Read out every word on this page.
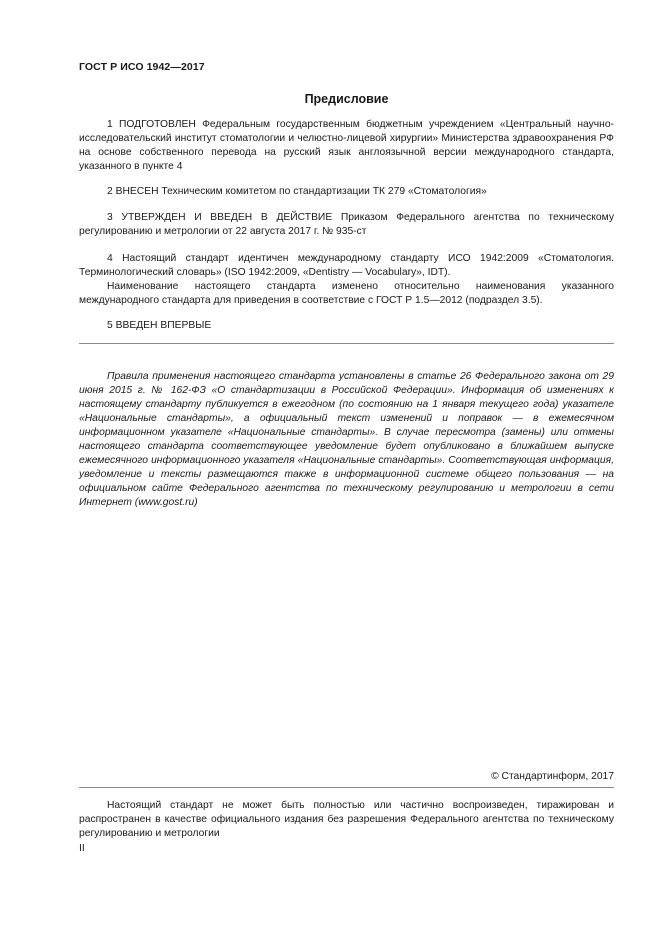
ГОСТ Р ИСО 1942—2017
Предисловие

1 ПОДГОТОВЛЕН Федеральным государственным бюджетным учреждением «Центральный научно-исследовательский институт стоматологии и челюстно-лицевой хирургии» Министерства здравоохранения РФ на основе собственного перевода на русский язык англоязычной версии международного стандарта, указанного в пункте 4

2 ВНЕСЕН Техническим комитетом по стандартизации ТК 279 «Стоматология»

3 УТВЕРЖДЕН И ВВЕДЕН В ДЕЙСТВИЕ Приказом Федерального агентства по техническому регулированию и метрологии от 22 августа 2017 г. № 935-ст

4 Настоящий стандарт идентичен международному стандарту ИСО 1942:2009 «Стоматология. Терминологический словарь» (ISO 1942:2009, «Dentistry — Vocabulary», IDT).

Наименование настоящего стандарта изменено относительно наименования указанного международного стандарта для приведения в соответствие с ГОСТ Р 1.5—2012 (подраздел 3.5).

5 ВВЕДЕН ВПЕРВЫЕ

Правила применения настоящего стандарта установлены в статье 26 Федерального закона от 29 июня 2015 г. № 162-ФЗ «О стандартизации в Российской Федерации». Информация об изменениях к настоящему стандарту публикуется в ежегодном (по состоянию на 1 января текущего года) указателе «Национальные стандарты», а официальный текст изменений и поправок — в ежемесячном информационном указателе «Национальные стандарты». В случае пересмотра (замены) или отмены настоящего стандарта соответствующее уведомление будет опубликовано в ближайшем выпуске ежемесячного информационного указателя «Национальные стандарты». Соответствующая информация, уведомление и тексты размещаются также в информационной системе общего пользования — на официальном сайте Федерального агентства по техническому регулированию и метрологии в сети Интернет (www.gost.ru)

© Стандартинформ, 2017

Настоящий стандарт не может быть полностью или частично воспроизведен, тиражирован и распространен в качестве официального издания без разрешения Федерального агентства по техническому регулированию и метрологии

II
